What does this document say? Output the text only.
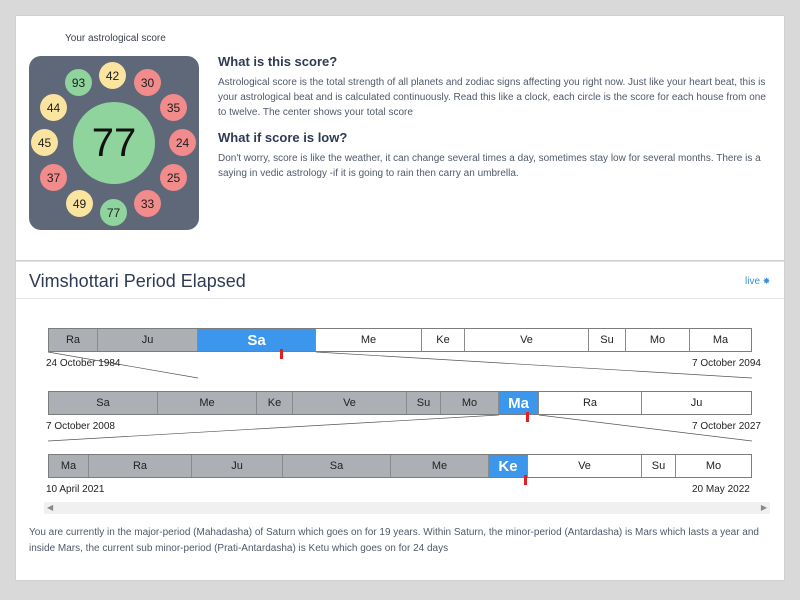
Your astrological score
42	30
35
24
25
33
77
49
37
45
44
93
77
What is this score?

Astrological score is the total strength of all planets and zodiac signs affecting you right now. Just like your heart beat, this is your astrological beat and is calculated continuously. Read this like a clock, each circle is the score for each house from one to twelve. The center shows your total score

What if score is low?

Don't worry, score is like the weather, it can change several times a day, sometimes stay low for several months. There is a saying in vedic astrology -if it is going to rain then carry an umbrella.

Vimshottari Period Elapsed	live ✸
Ra	Ju	Sa	Me	Ke	Ve	Su	Mo	Ma
24 October 1984	7 October 2094
Sa	Me	Ke	Ve	Su	Mo	Ma	Ra	Ju
7 October 2008	7 October 2027
Ma	Ra	Ju	Sa	Me	Ke	Ve	Su	Mo
10 April 2021	20 May 2022
◀	▶
You are currently in the major-period (Mahadasha) of Saturn which goes on for 19 years. Within Saturn, the minor-period (Antardasha) is Mars which lasts a year and inside Mars, the current sub minor-period (Prati-Antardasha) is Ketu which goes on for 24 days
